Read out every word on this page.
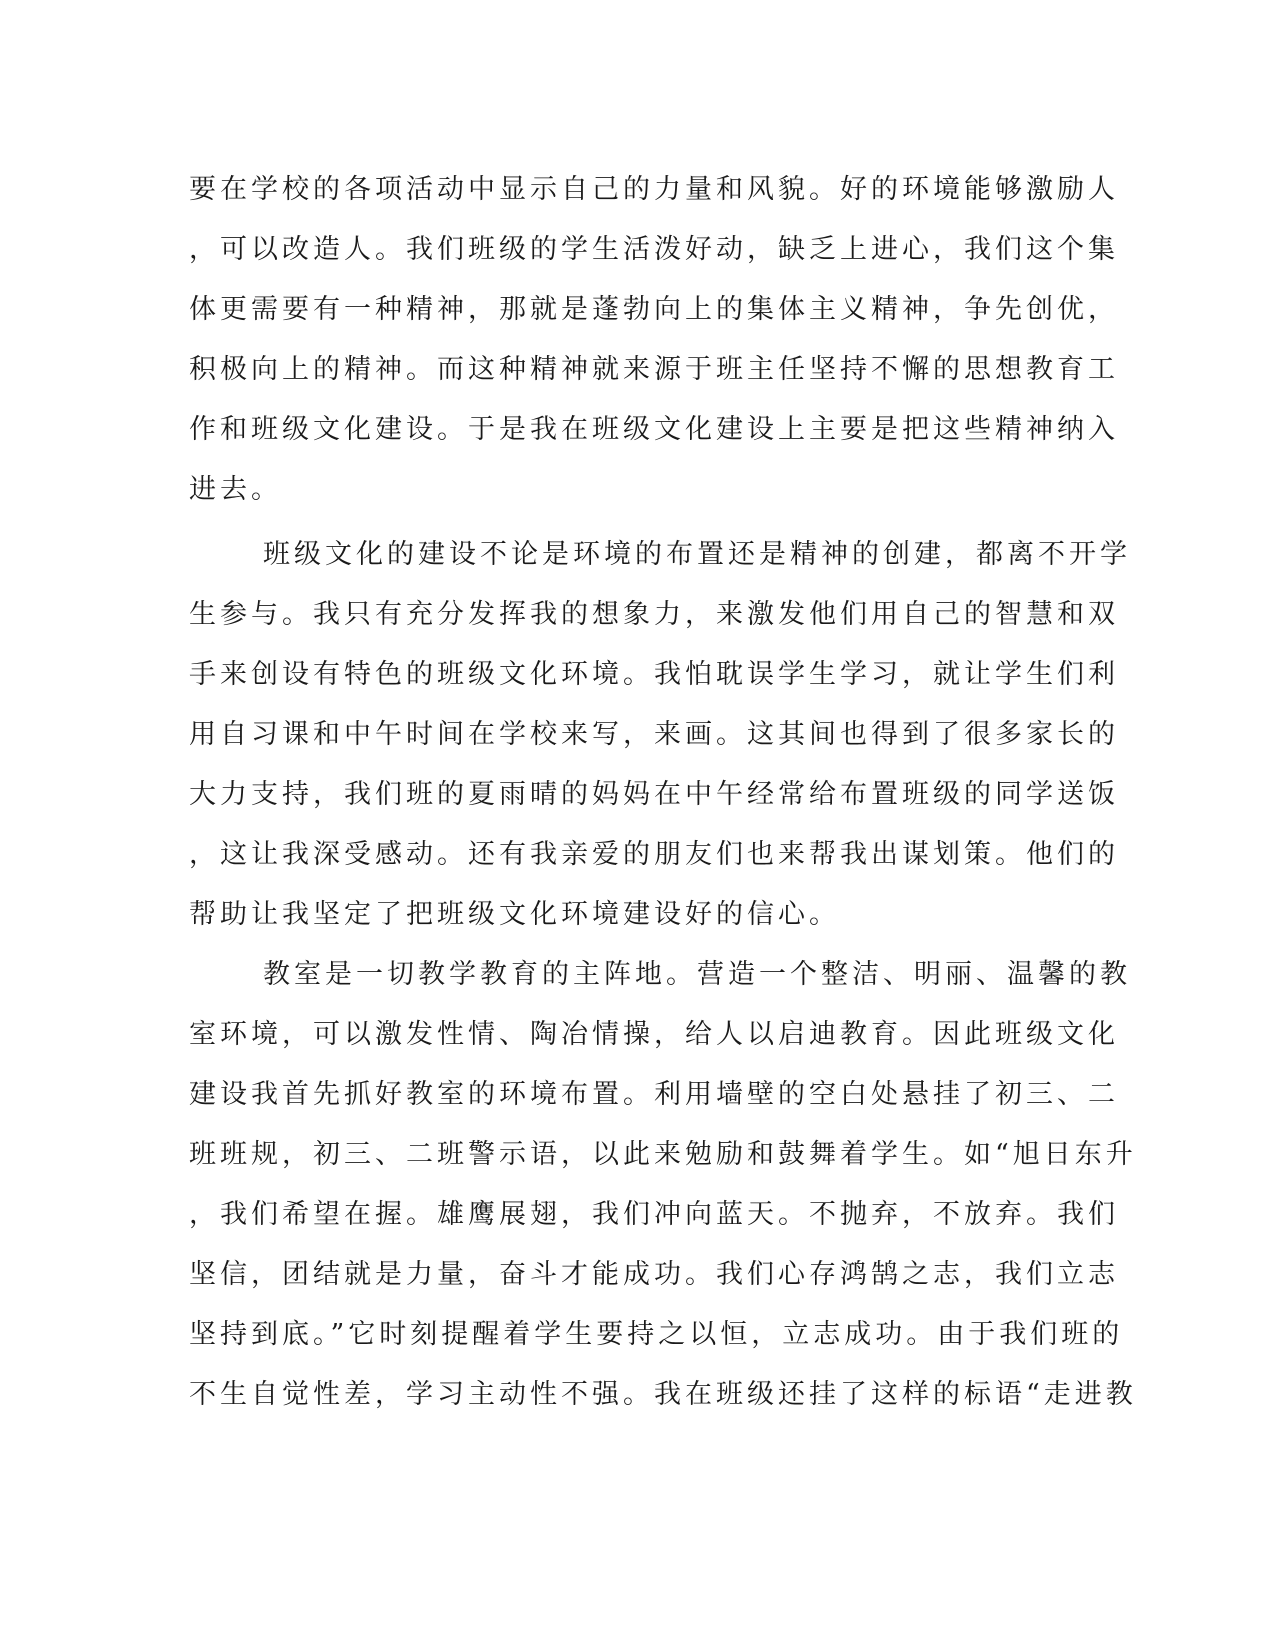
要在学校的各项活动中显示自己的力量和风貌。好的环境能够激励人
，可以改造人。我们班级的学生活泼好动，缺乏上进心，我们这个集
体更需要有一种精神，那就是蓬勃向上的集体主义精神，争先创优，
积极向上的精神。而这种精神就来源于班主任坚持不懈的思想教育工
作和班级文化建设。于是我在班级文化建设上主要是把这些精神纳入
进去。
班级文化的建设不论是环境的布置还是精神的创建，都离不开学
生参与。我只有充分发挥我的想象力，来激发他们用自己的智慧和双
手来创设有特色的班级文化环境。我怕耽误学生学习，就让学生们利
用自习课和中午时间在学校来写，来画。这其间也得到了很多家长的
大力支持，我们班的夏雨晴的妈妈在中午经常给布置班级的同学送饭
，这让我深受感动。还有我亲爱的朋友们也来帮我出谋划策。他们的
帮助让我坚定了把班级文化环境建设好的信心。
教室是一切教学教育的主阵地。营造一个整洁、明丽、温馨的教
室环境，可以激发性情、陶冶情操，给人以启迪教育。因此班级文化
建设我首先抓好教室的环境布置。利用墙壁的空白处悬挂了初三、二
班班规，初三、二班警示语，以此来勉励和鼓舞着学生。如“旭日东升
，我们希望在握。雄鹰展翅，我们冲向蓝天。不抛弃，不放弃。我们
坚信，团结就是力量，奋斗才能成功。我们心存鸿鹄之志，我们立志
坚持到底。”它时刻提醒着学生要持之以恒，立志成功。由于我们班的
不生自觉性差，学习主动性不强。我在班级还挂了这样的标语“走进教
